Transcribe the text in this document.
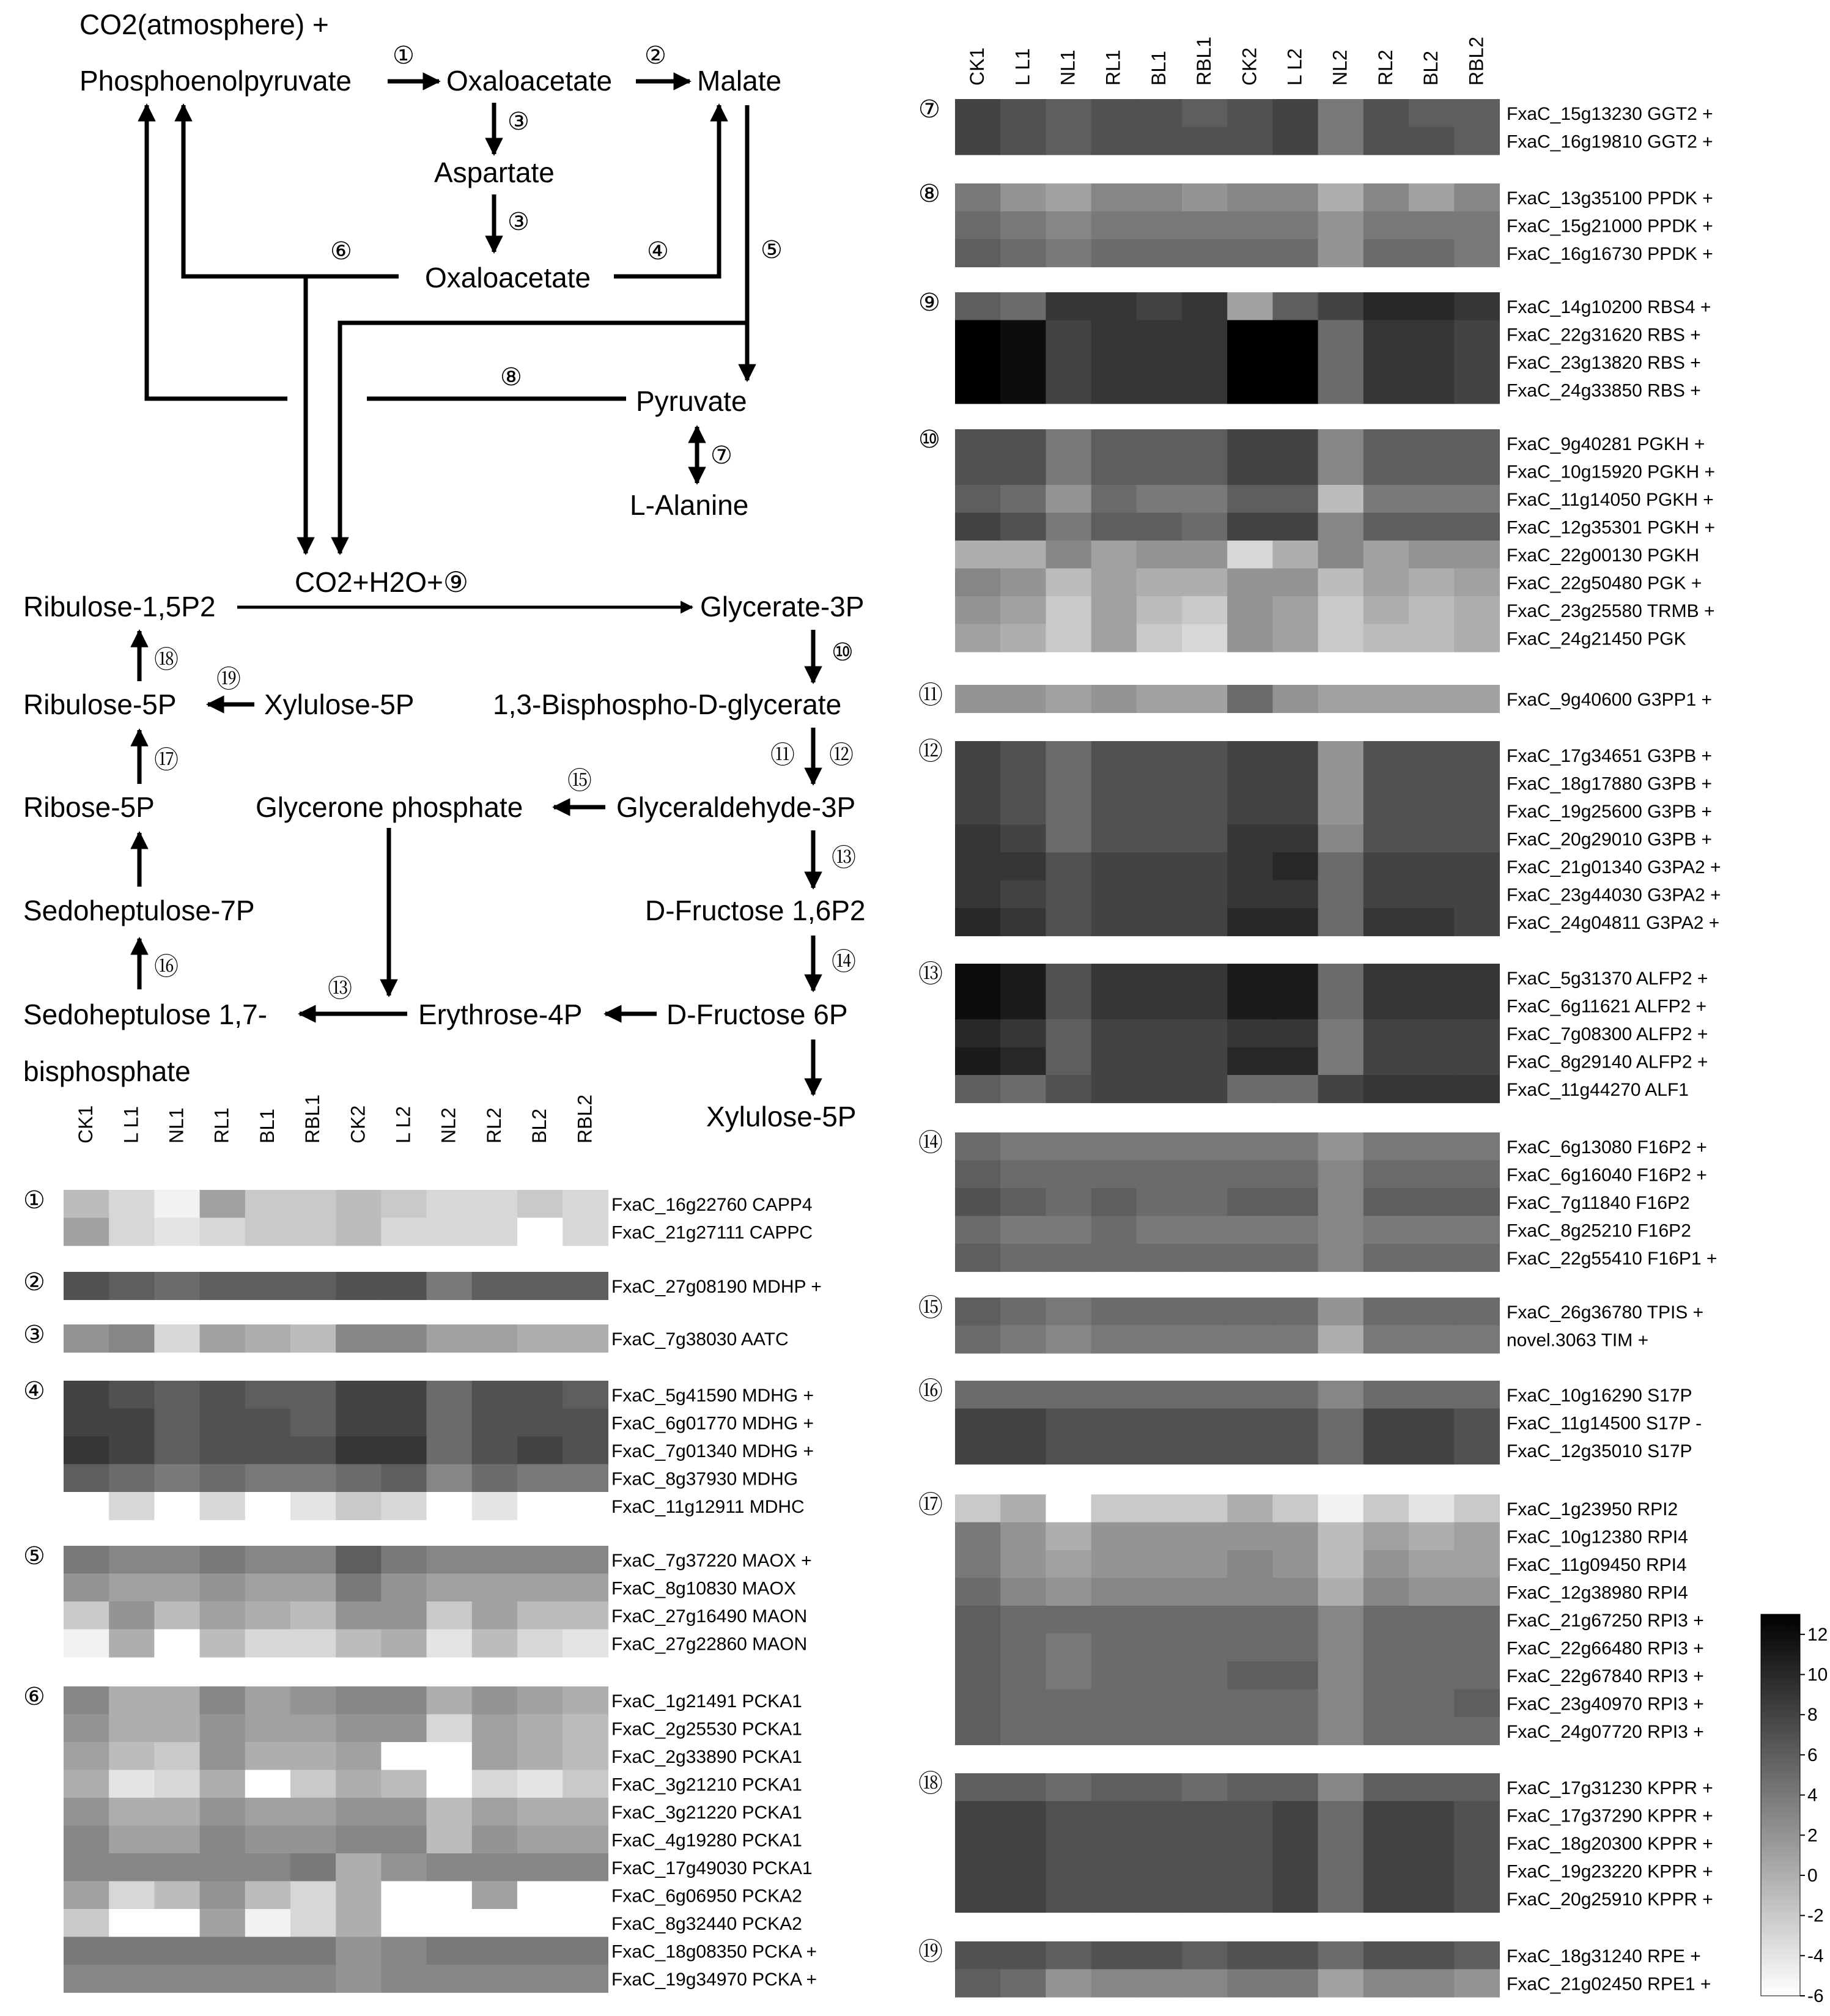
CO2(atmosphere) +
Phosphoenolpyruvate	Oxaloacetate	Malate
Aspartate
Oxaloacetate
Pyruvate
L-Alanine
CO2+H2O+⑨
Ribulose-1,5P2	Glycerate-3P
1,3-Bisphospho-D-glycerate
Ribulose-5P	Xylulose-5P
Ribose-5P	Glycerone phosphate	Glyceraldehyde-3P
D-Fructose 1,6P2
Sedoheptulose-7P
Sedoheptulose 1,7-
bisphosphate
Erythrose-4P	D-Fructose 6P
Xylulose-5P
①	②
③
③
④	⑤
⑥
⑦
⑧
⑩
⑪ ⑫
⑬
⑬
⑭
⑮
⑯
⑰
⑱
⑲
CK1 L L1 NL1 RL1 BL1 RBL1 CK2 L L2 NL2 RL2 BL2 RBL2
①	FxaC_16g22760 CAPP4
FxaC_21g27111 CAPPC
②	FxaC_27g08190 MDHP +
③	FxaC_7g38030 AATC
④	FxaC_5g41590 MDHG +
FxaC_6g01770 MDHG +
FxaC_7g01340 MDHG +
FxaC_8g37930 MDHG
FxaC_11g12911 MDHC
⑤	FxaC_7g37220 MAOX +
FxaC_8g10830 MAOX
FxaC_27g16490 MAON
FxaC_27g22860 MAON
⑥	FxaC_1g21491 PCKA1
FxaC_2g25530 PCKA1
FxaC_2g33890 PCKA1
FxaC_3g21210 PCKA1
FxaC_3g21220 PCKA1
FxaC_4g19280 PCKA1
FxaC_17g49030 PCKA1
FxaC_6g06950 PCKA2
FxaC_8g32440 PCKA2
FxaC_18g08350 PCKA +
FxaC_19g34970 PCKA +
CK1 L L1 NL1 RL1 BL1 RBL1 CK2 L L2 NL2 RL2 BL2 RBL2
⑦	FxaC_15g13230 GGT2 +
FxaC_16g19810 GGT2 +
⑧	FxaC_13g35100 PPDK +
FxaC_15g21000 PPDK +
FxaC_16g16730 PPDK +
⑨	FxaC_14g10200 RBS4 +
FxaC_22g31620 RBS +
FxaC_23g13820 RBS +
FxaC_24g33850 RBS +
⑩	FxaC_9g40281 PGKH +
FxaC_10g15920 PGKH +
FxaC_11g14050 PGKH +
FxaC_12g35301 PGKH +
FxaC_22g00130 PGKH
FxaC_22g50480 PGK +
FxaC_23g25580 TRMB +
FxaC_24g21450 PGK
⑪	FxaC_9g40600 G3PP1 +
⑫	FxaC_17g34651 G3PB +
FxaC_18g17880 G3PB +
FxaC_19g25600 G3PB +
FxaC_20g29010 G3PB +
FxaC_21g01340 G3PA2 +
FxaC_23g44030 G3PA2 +
FxaC_24g04811 G3PA2 +
⑬	FxaC_5g31370 ALFP2 +
FxaC_6g11621 ALFP2 +
FxaC_7g08300 ALFP2 +
FxaC_8g29140 ALFP2 +
FxaC_11g44270 ALF1
⑭	FxaC_6g13080 F16P2 +
FxaC_6g16040 F16P2 +
FxaC_7g11840 F16P2
FxaC_8g25210 F16P2
FxaC_22g55410 F16P1 +
⑮	FxaC_26g36780 TPIS +
novel.3063 TIM +
⑯	FxaC_10g16290 S17P
FxaC_11g14500 S17P -
FxaC_12g35010 S17P
⑰	FxaC_1g23950 RPI2
FxaC_10g12380 RPI4
FxaC_11g09450 RPI4
FxaC_12g38980 RPI4
FxaC_21g67250 RPI3 +
FxaC_22g66480 RPI3 +
FxaC_22g67840 RPI3 +
FxaC_23g40970 RPI3 +
FxaC_24g07720 RPI3 +
⑱	FxaC_17g31230 KPPR +
FxaC_17g37290 KPPR +
FxaC_18g20300 KPPR +
FxaC_19g23220 KPPR +
FxaC_20g25910 KPPR +
⑲	FxaC_18g31240 RPE +
FxaC_21g02450 RPE1 +
12
10
8
6
4
2
0
-2
-4
-6
